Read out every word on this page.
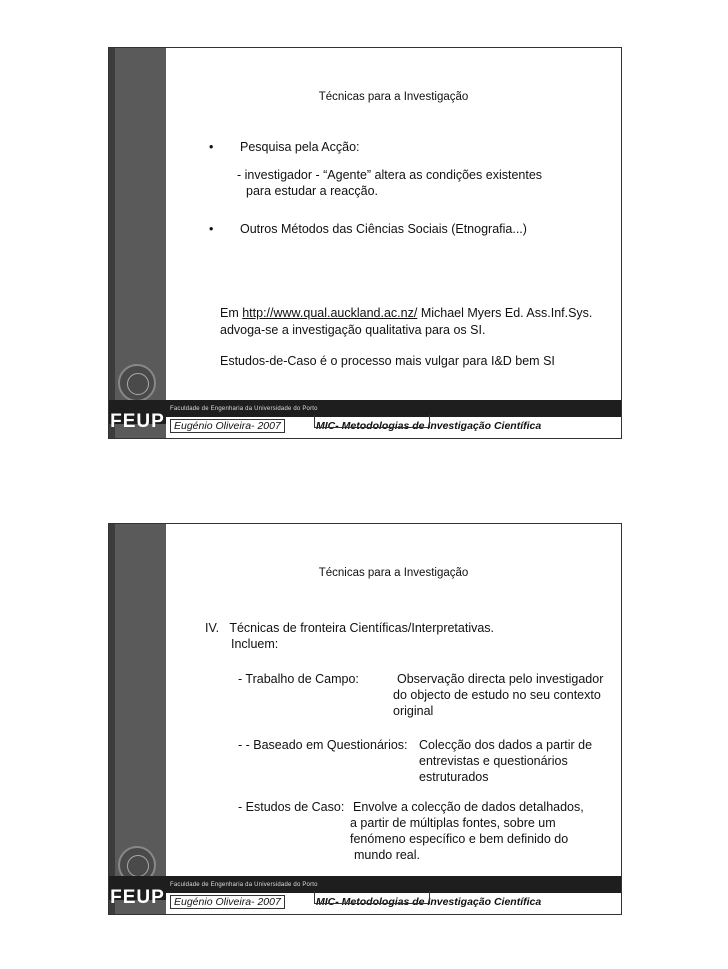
Faculdade de Engenharia da Universidade do Porto
FEUP Eugénio Oliveira- 2007	MIC- Metodologias de Investigação Científica
Técnicas para a Investigação
• Pesquisa pela Acção:
- investigador - “Agente” altera as condições existentes
para estudar a reacção.
• Outros Métodos das Ciências Sociais (Etnografia...)
Em http://www.qual.auckland.ac.nz/ Michael Myers Ed. Ass.Inf.Sys.
advoga-se a investigação qualitativa para os SI.
Estudos-de-Caso é o processo mais vulgar para I&D bem SI
Faculdade de Engenharia da Universidade do Porto
FEUP Eugénio Oliveira- 2007	MIC- Metodologias de Investigação Científica
Técnicas para a Investigação
IV.   Técnicas de fronteira Científicas/Interpretativas.
Incluem:
- Trabalho de Campo:	Observação directa pelo investigador
do objecto de estudo no seu contexto
original
- - Baseado em Questionários: Colecção dos dados a partir de
entrevistas e questionários
estruturados
- Estudos de Caso: Envolve a colecção de dados detalhados,
a partir de múltiplas fontes, sobre um
fenómeno específico e bem definido do
mundo real.
